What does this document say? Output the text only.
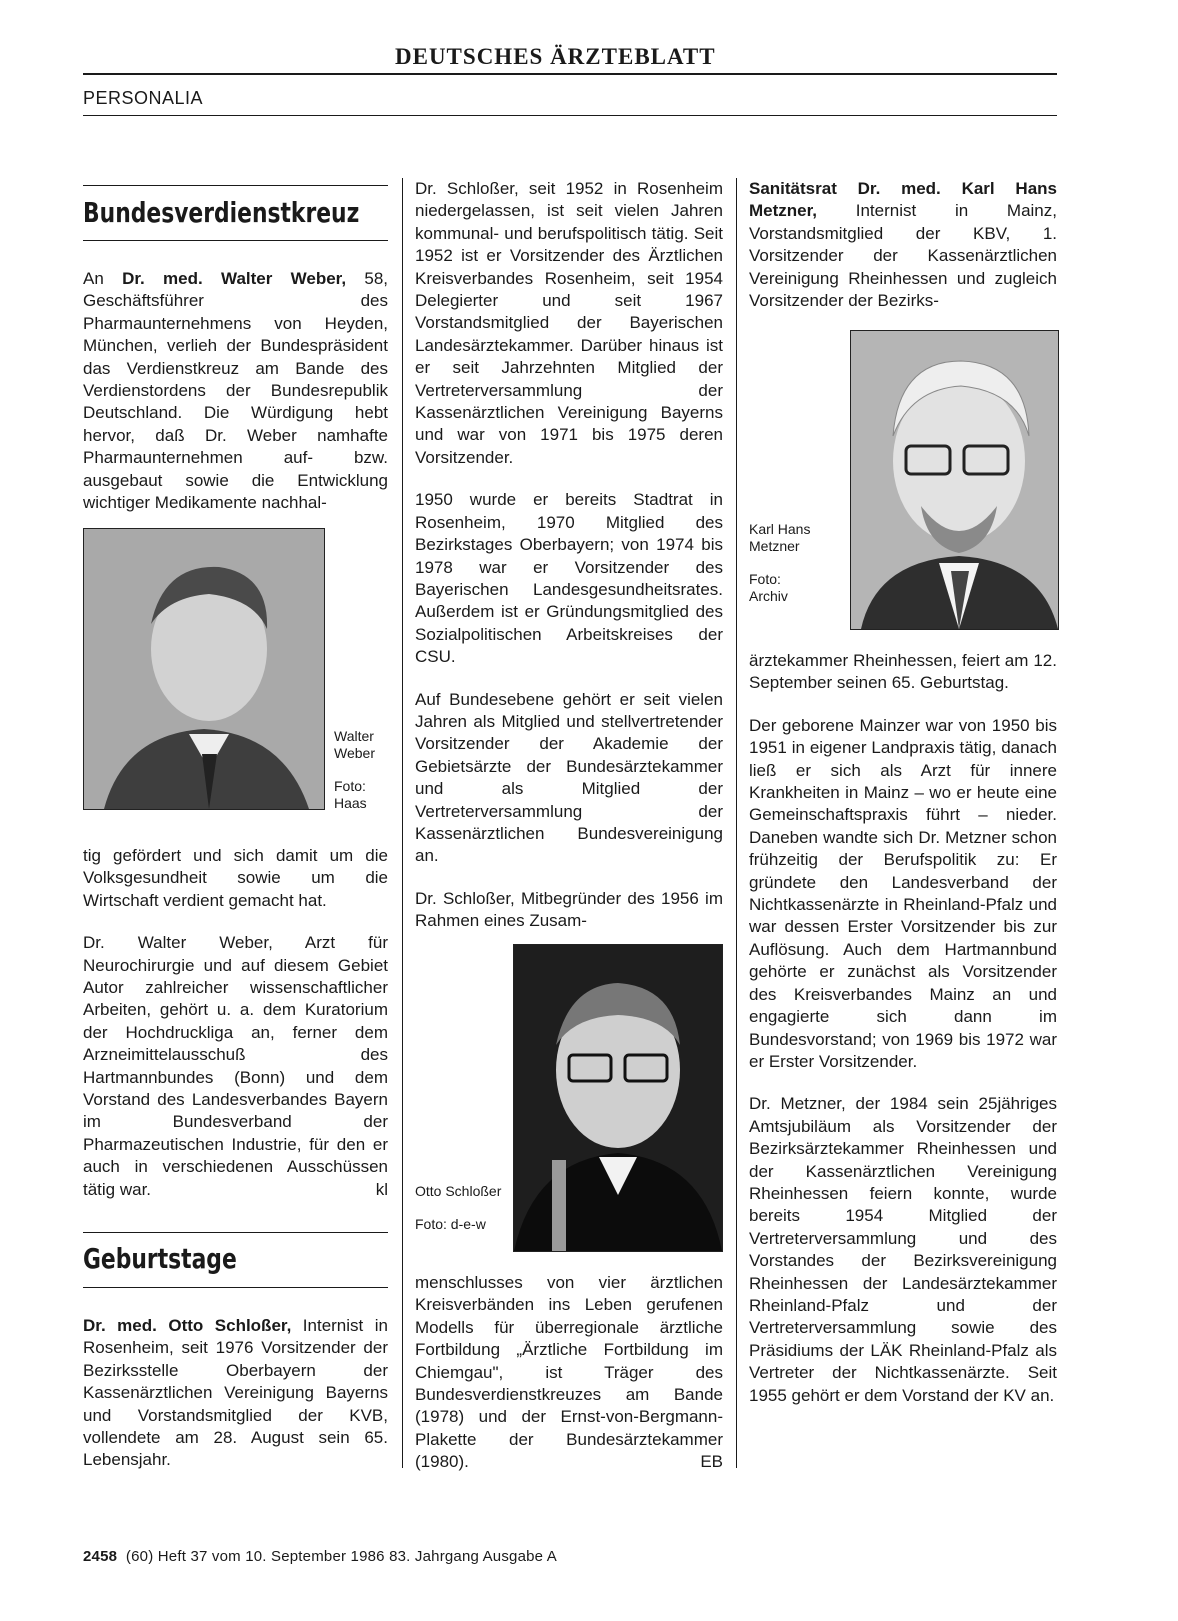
DEUTSCHES ÄRZTEBLATT
PERSONALIA
Bundesverdienstkreuz

An Dr. med. Walter Weber, 58, Geschäftsführer des Pharmaunternehmens von Heyden, München, verlieh der Bundespräsident das Verdienstkreuz am Bande des Verdienstordens der Bundesrepublik Deutschland. Die Würdigung hebt hervor, daß Dr. Weber namhafte Pharmaunternehmen auf- bzw. ausgebaut sowie die Entwicklung wichtiger Medikamente nachhal-

Walter Weber
Foto: Haas

tig gefördert und sich damit um die Volksgesundheit sowie um die Wirtschaft verdient gemacht hat.

Dr. Walter Weber, Arzt für Neurochirurgie und auf diesem Gebiet Autor zahlreicher wissenschaftlicher Arbeiten, gehört u. a. dem Kuratorium der Hochdruckliga an, ferner dem Arzneimittelausschuß des Hartmannbundes (Bonn) und dem Vorstand des Landesverbandes Bayern im Bundesverband der Pharmazeutischen Industrie, für den er auch in verschiedenen Ausschüssen tätig war.	kl

Geburtstage

Dr. med. Otto Schloßer, Internist in Rosenheim, seit 1976 Vorsitzender der Bezirksstelle Oberbayern der Kassenärztlichen Vereinigung Bayerns und Vorstandsmitglied der KVB, vollendete am 28. August sein 65. Lebensjahr.

Dr. Schloßer, seit 1952 in Rosenheim niedergelassen, ist seit vielen Jahren kommunal- und berufspolitisch tätig. Seit 1952 ist er Vorsitzender des Ärztlichen Kreisverbandes Rosenheim, seit 1954 Delegierter und seit 1967 Vorstandsmitglied der Bayerischen Landesärztekammer. Darüber hinaus ist er seit Jahrzehnten Mitglied der Vertreterversammlung der Kassenärztlichen Vereinigung Bayerns und war von 1971 bis 1975 deren Vorsitzender.

1950 wurde er bereits Stadtrat in Rosenheim, 1970 Mitglied des Bezirkstages Oberbayern; von 1974 bis 1978 war er Vorsitzender des Bayerischen Landesgesundheitsrates. Außerdem ist er Gründungsmitglied des Sozialpolitischen Arbeitskreises der CSU.

Auf Bundesebene gehört er seit vielen Jahren als Mitglied und stellvertretender Vorsitzender der Akademie der Gebietsärzte der Bundesärztekammer und als Mitglied der Vertreterversammlung der Kassenärztlichen Bundesvereinigung an.

Dr. Schloßer, Mitbegründer des 1956 im Rahmen eines Zusam-

Otto Schloßer
Foto: d-e-w

menschlusses von vier ärztlichen Kreisverbänden ins Leben gerufenen Modells für überregionale ärztliche Fortbildung „Ärztliche Fortbildung im Chiemgau", ist Träger des Bundesverdienstkreuzes am Bande (1978) und der Ernst-von-Bergmann-Plakette der Bundesärztekammer (1980).	EB

Sanitätsrat Dr. med. Karl Hans Metzner, Internist in Mainz, Vorstandsmitglied der KBV, 1. Vorsitzender der Kassenärztlichen Vereinigung Rheinhessen und zugleich Vorsitzender der Bezirks-

Karl Hans Metzner
Foto: Archiv

ärztekammer Rheinhessen, feiert am 12. September seinen 65. Geburtstag.

Der geborene Mainzer war von 1950 bis 1951 in eigener Landpraxis tätig, danach ließ er sich als Arzt für innere Krankheiten in Mainz – wo er heute eine Gemeinschaftspraxis führt – nieder. Daneben wandte sich Dr. Metzner schon frühzeitig der Berufspolitik zu: Er gründete den Landesverband der Nichtkassenärzte in Rheinland-Pfalz und war dessen Erster Vorsitzender bis zur Auflösung. Auch dem Hartmannbund gehörte er zunächst als Vorsitzender des Kreisverbandes Mainz an und engagierte sich dann im Bundesvorstand; von 1969 bis 1972 war er Erster Vorsitzender.

Dr. Metzner, der 1984 sein 25jähriges Amtsjubiläum als Vorsitzender der Bezirksärztekammer Rheinhessen und der Kassenärztlichen Vereinigung Rheinhessen feiern konnte, wurde bereits 1954 Mitglied der Vertreterversammlung und des Vorstandes der Bezirksvereinigung Rheinhessen der Landesärztekammer Rheinland-Pfalz und der Vertreterversammlung sowie des Präsidiums der LÄK Rheinland-Pfalz als Vertreter der Nichtkassenärzte. Seit 1955 gehört er dem Vorstand der KV an.

2458 (60) Heft 37 vom 10. September 1986 83. Jahrgang Ausgabe A
